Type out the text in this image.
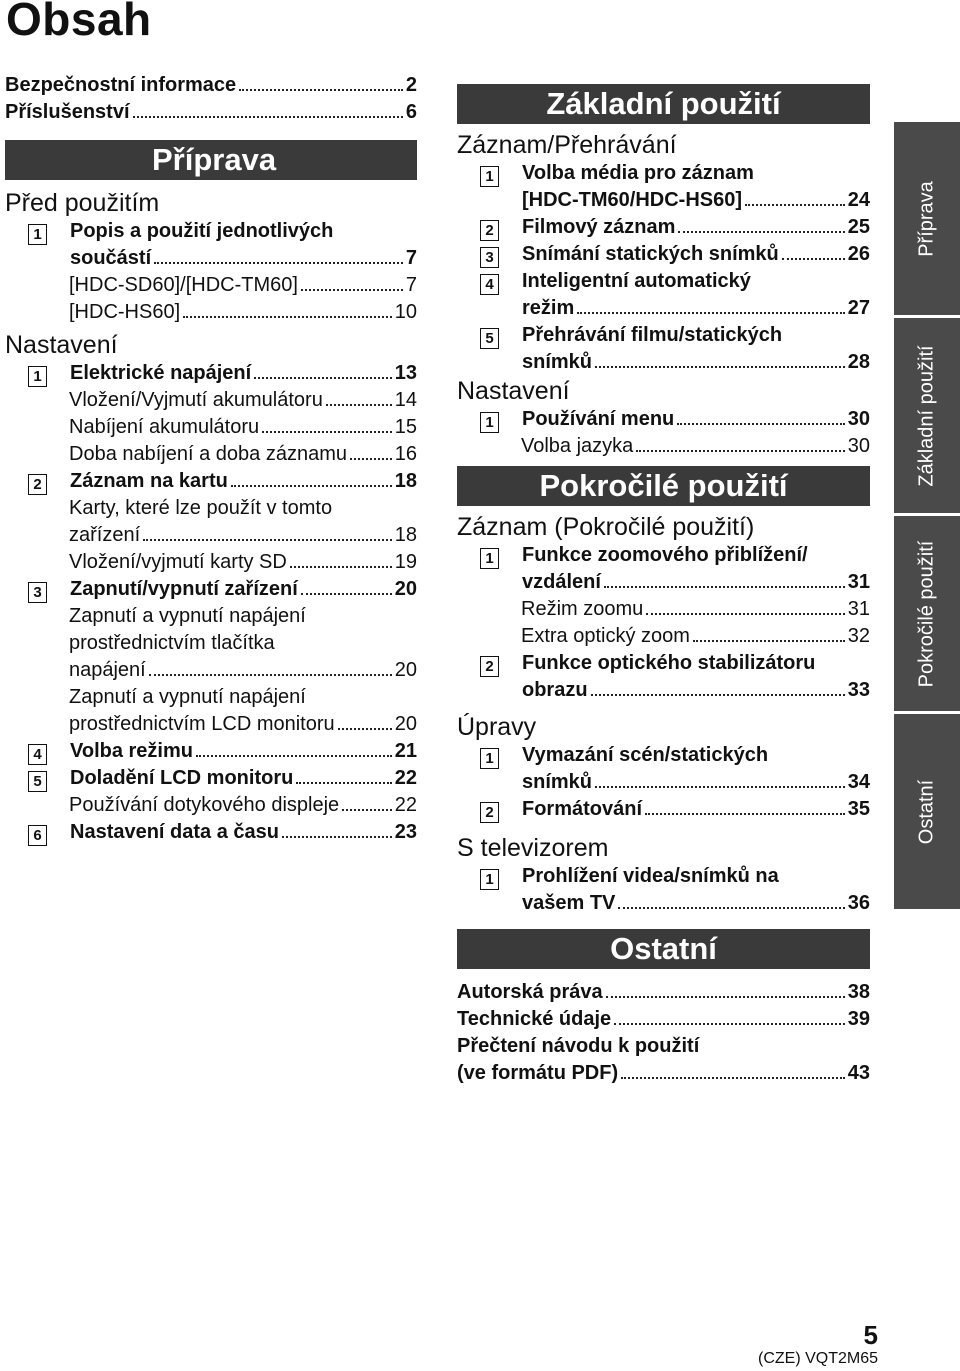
Obsah
Bezpečnostní informace	2
Příslušenství	6
Příprava
Před použitím
1 Popis a použití jednotlivých
součástí	7
[HDC-SD60]/[HDC-TM60]	7
[HDC-HS60]	10
Nastavení
1 Elektrické napájení	13
Vložení/Vyjmutí akumulátoru	14
Nabíjení akumulátoru	15
Doba nabíjení a doba záznamu 16
2 Záznam na kartu	18
Karty, které lze použít v tomto
zařízení	18
Vložení/vyjmutí karty SD	19
3 Zapnutí/vypnutí zařízení	20
Zapnutí a vypnutí napájení
prostřednictvím tlačítka
napájení	20
Zapnutí a vypnutí napájení
prostřednictvím LCD monitoru	20
4 Volba režimu	21
5 Doladění LCD monitoru	22
Používání dotykového displeje	22
6 Nastavení data a času	23
Základní použití
Záznam/Přehrávání
1 Volba média pro záznam
[HDC-TM60/HDC-HS60]	24
2 Filmový záznam	25
3 Snímání statických snímků	26
4 Inteligentní automatický
režim	27
5 Přehrávání filmu/statických
snímků	28
Nastavení
1 Používání menu	30
Volba jazyka	30
Pokročilé použití
Záznam (Pokročilé použití)
1 Funkce zoomového přiblížení/
vzdálení	31
Režim zoomu	31
Extra optický zoom	32
2 Funkce optického stabilizátoru
obrazu	33
Úpravy
1 Vymazání scén/statických
snímků	34
2 Formátování	35
S televizorem
1 Prohlížení videa/snímků na
vašem TV	36
Ostatní
Autorská práva	38
Technické údaje	39
Přečtení návodu k použití
(ve formátu PDF)	43
Příprava
Základní použití
Pokročilé použití
Ostatní
5
(CZE) VQT2M65
